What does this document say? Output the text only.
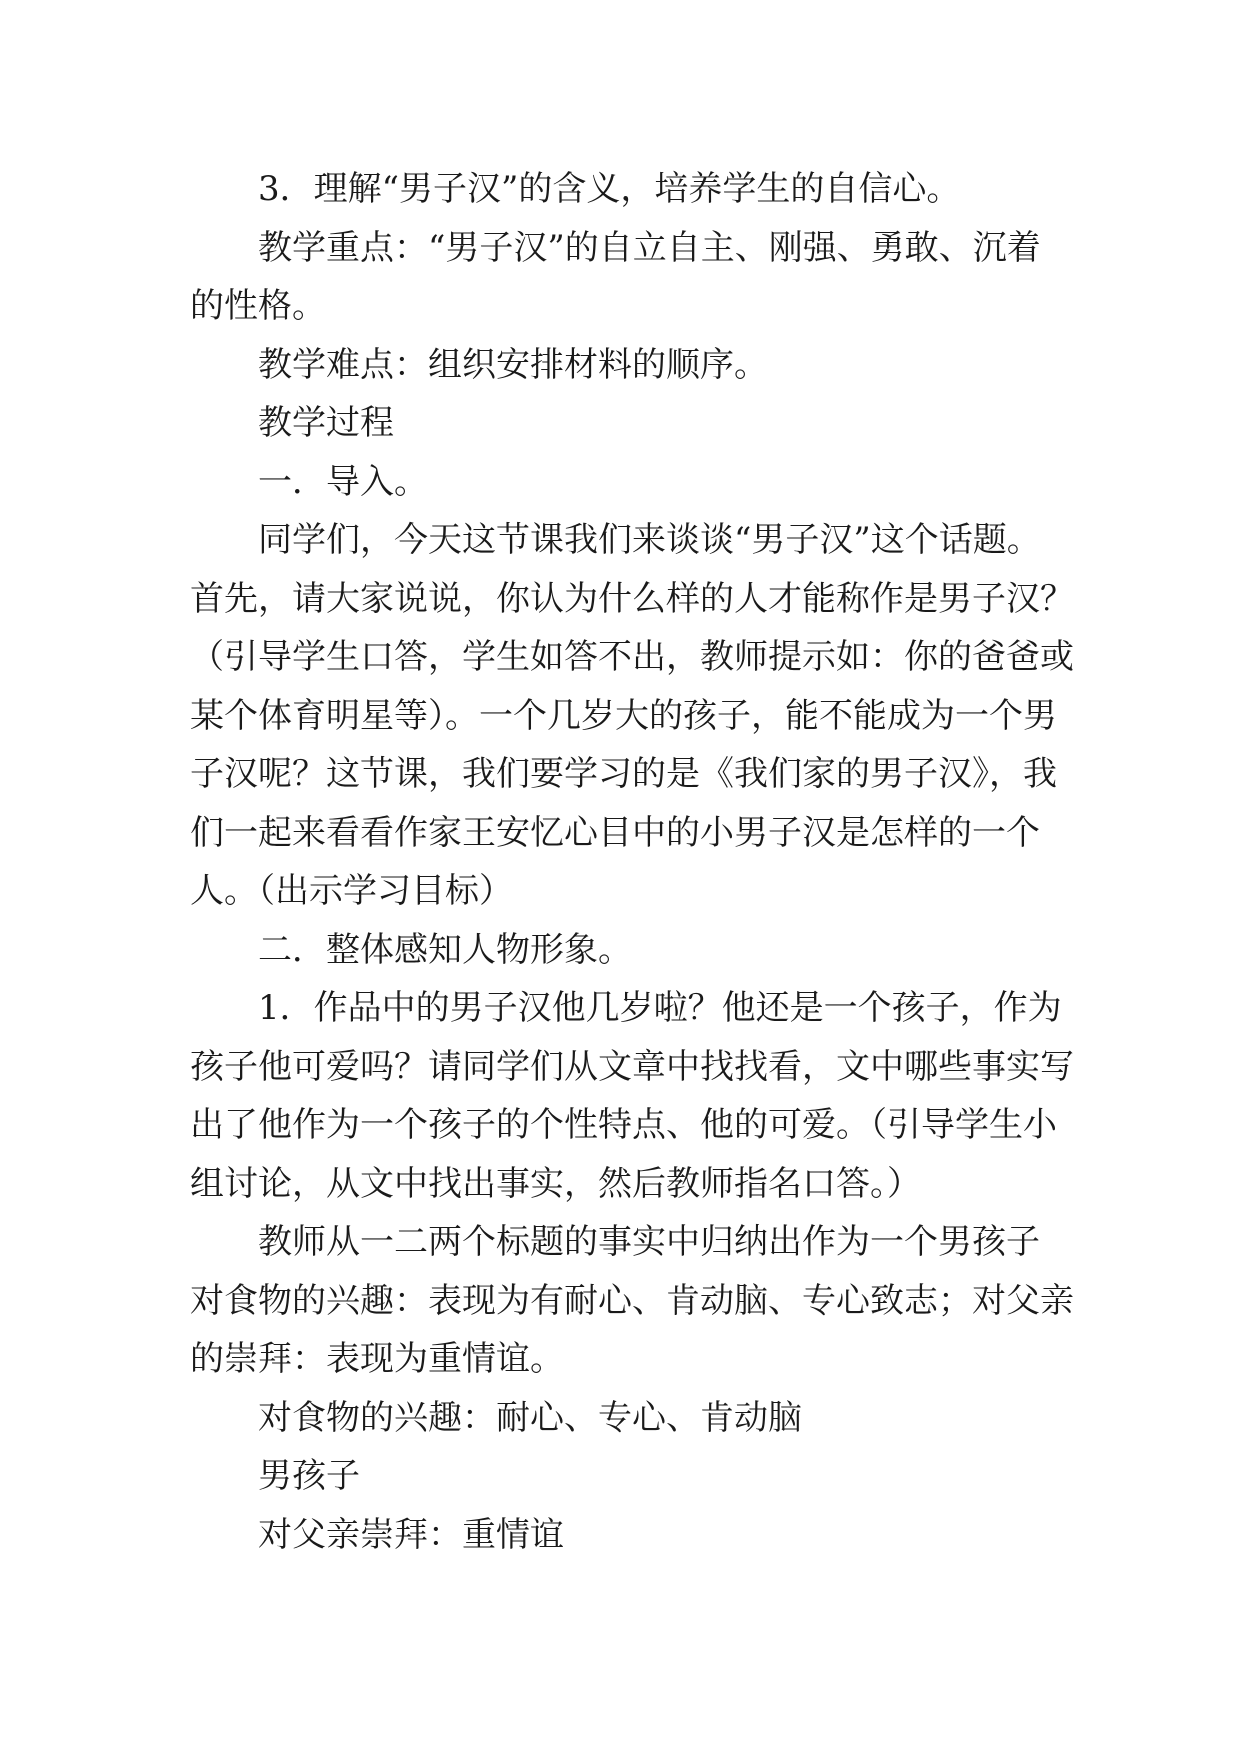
3．理解“男子汉”的含义，培养学生的自信心。

教学重点：“男子汉”的自立自主、刚强、勇敢、沉着
的性格。

教学难点：组织安排材料的顺序。

教学过程

一．导入。

同学们，今天这节课我们来谈谈“男子汉”这个话题。
首先，请大家说说，你认为什么样的人才能称作是男子汉？
（引导学生口答，学生如答不出，教师提示如：你的爸爸或
某个体育明星等）。一个几岁大的孩子，能不能成为一个男
子汉呢？这节课，我们要学习的是《我们家的男子汉》，我
们一起来看看作家王安忆心目中的小男子汉是怎样的一个
人。（出示学习目标）

二．整体感知人物形象。

1．作品中的男子汉他几岁啦？他还是一个孩子，作为
孩子他可爱吗？请同学们从文章中找找看，文中哪些事实写
出了他作为一个孩子的个性特点、他的可爱。（引导学生小
组讨论，从文中找出事实，然后教师指名口答。）

教师从一二两个标题的事实中归纳出作为一个男孩子
对食物的兴趣：表现为有耐心、肯动脑、专心致志；对父亲
的崇拜：表现为重情谊。

对食物的兴趣：耐心、专心、肯动脑

男孩子

对父亲崇拜：重情谊
